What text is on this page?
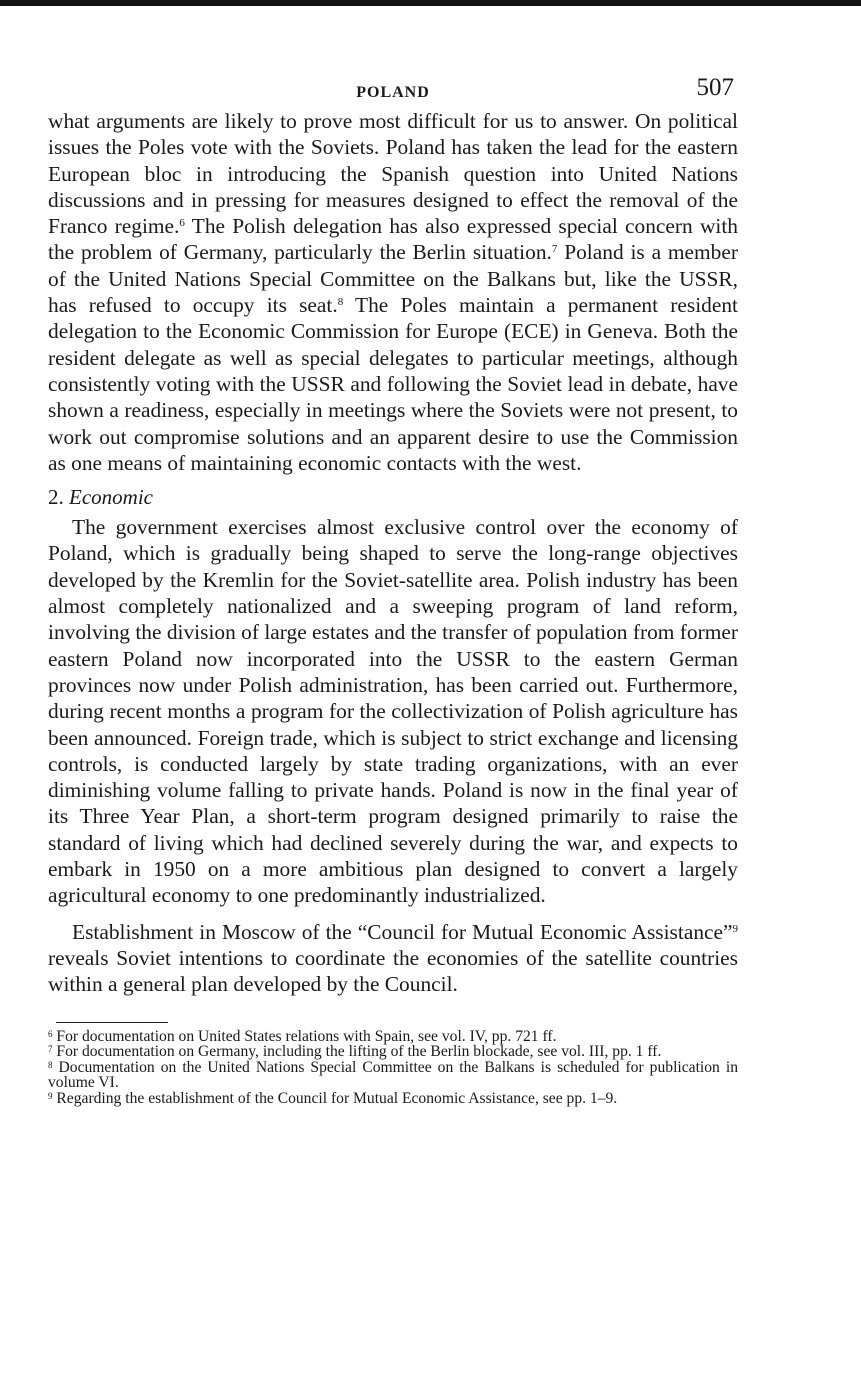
POLAND	507

what arguments are likely to prove most difficult for us to answer. On political issues the Poles vote with the Soviets. Poland has taken the lead for the eastern European bloc in introducing the Spanish question into United Nations discussions and in pressing for measures designed to effect the removal of the Franco regime.$^6$ The Polish delegation has also expressed special concern with the problem of Germany, particularly the Berlin situation.$^7$ Poland is a member of the United Nations Special Committee on the Balkans but, like the USSR, has refused to occupy its seat.$^8$ The Poles maintain a permanent resident delegation to the Economic Commission for Europe (ECE) in Geneva. Both the resident delegate as well as special delegates to particular meetings, although consistently voting with the USSR and following the Soviet lead in debate, have shown a readiness, especially in meetings where the Soviets were not present, to work out compromise solutions and an apparent desire to use the Commission as one means of maintaining economic contacts with the west.

2. Economic

The government exercises almost exclusive control over the economy of Poland, which is gradually being shaped to serve the long-range objectives developed by the Kremlin for the Soviet-satellite area. Polish industry has been almost completely nationalized and a sweeping program of land reform, involving the division of large estates and the transfer of population from former eastern Poland now incorporated into the USSR to the eastern German provinces now under Polish administration, has been carried out. Furthermore, during recent months a program for the collectivization of Polish agriculture has been announced. Foreign trade, which is subject to strict exchange and licensing controls, is conducted largely by state trading organizations, with an ever diminishing volume falling to private hands. Poland is now in the final year of its Three Year Plan, a short-term program designed primarily to raise the standard of living which had declined severely during the war, and expects to embark in 1950 on a more ambitious plan designed to convert a largely agricultural economy to one predominantly industrialized.

Establishment in Moscow of the “Council for Mutual Economic Assistance”$^9$ reveals Soviet intentions to coordinate the economies of the satellite countries within a general plan developed by the Council.

$^6$ For documentation on United States relations with Spain, see vol. IV, pp. 721 ff.

$^7$ For documentation on Germany, including the lifting of the Berlin blockade, see vol. III, pp. 1 ff.

$^8$ Documentation on the United Nations Special Committee on the Balkans is scheduled for publication in volume VI.

$^9$ Regarding the establishment of the Council for Mutual Economic Assistance, see pp. 1–9.
